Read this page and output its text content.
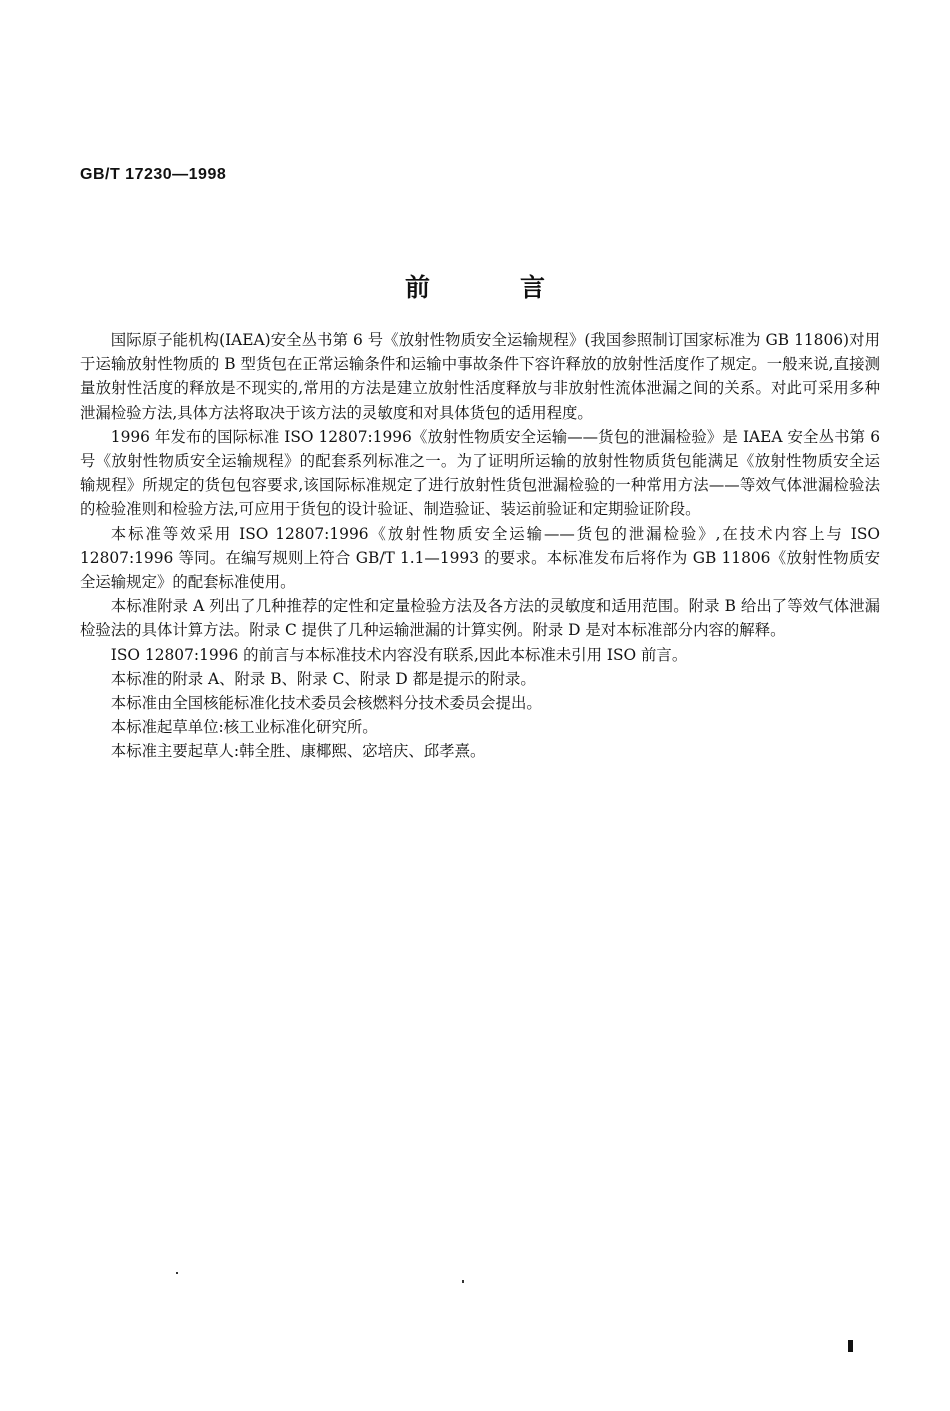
GB/T 17230—1998
前言

国际原子能机构(IAEA)安全丛书第 6 号《放射性物质安全运输规程》(我国参照制订国家标准为 GB 11806)对用于运输放射性物质的 B 型货包在正常运输条件和运输中事故条件下容许释放的放射性活度作了规定。一般来说,直接测量放射性活度的释放是不现实的,常用的方法是建立放射性活度释放与非放射性流体泄漏之间的关系。对此可采用多种泄漏检验方法,具体方法将取决于该方法的灵敏度和对具体货包的适用程度。

1996 年发布的国际标准 ISO 12807:1996《放射性物质安全运输——货包的泄漏检验》是 IAEA 安全丛书第 6 号《放射性物质安全运输规程》的配套系列标准之一。为了证明所运输的放射性物质货包能满足《放射性物质安全运输规程》所规定的货包包容要求,该国际标准规定了进行放射性货包泄漏检验的一种常用方法——等效气体泄漏检验法的检验准则和检验方法,可应用于货包的设计验证、制造验证、装运前验证和定期验证阶段。

本标准等效采用 ISO 12807:1996《放射性物质安全运输——货包的泄漏检验》,在技术内容上与 ISO 12807:1996 等同。在编写规则上符合 GB/T 1.1—1993 的要求。本标准发布后将作为 GB 11806《放射性物质安全运输规定》的配套标准使用。

本标准附录 A 列出了几种推荐的定性和定量检验方法及各方法的灵敏度和适用范围。附录 B 给出了等效气体泄漏检验法的具体计算方法。附录 C 提供了几种运输泄漏的计算实例。附录 D 是对本标准部分内容的解释。

ISO 12807:1996 的前言与本标准技术内容没有联系,因此本标准未引用 ISO 前言。

本标准的附录 A、附录 B、附录 C、附录 D 都是提示的附录。

本标准由全国核能标准化技术委员会核燃料分技术委员会提出。

本标准起草单位:核工业标准化研究所。

本标准主要起草人:韩全胜、康椰熙、宓培庆、邱孝熹。
